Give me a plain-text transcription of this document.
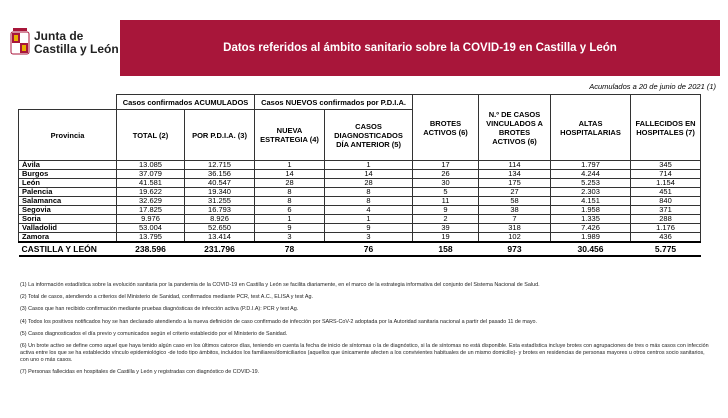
Junta de
Castilla y León	Datos referidos al ámbito sanitario sobre la COVID-19 en Castilla y León
Acumulados a 20 de junio de 2021 (1)
	Casos confirmados ACUMULADOS		Casos NUEVOS confirmados por P.D.I.A.		BROTES ACTIVOS (6)	N.º DE CASOS VINCULADOS A BROTES ACTIVOS (6)	ALTAS HOSPITALARIAS	FALLECIDOS EN HOSPITALES (7)
Provincia	TOTAL (2)	POR P.D.I.A. (3)	NUEVA ESTRATEGIA (4)	CASOS DIAGNOSTICADOS DÍA ANTERIOR (5)				
Ávila	13.085	12.715	1	1	17	114	1.797	345
Burgos	37.079	36.156	14	14	26	134	4.244	714
León	41.581	40.547	28	28	30	175	5.253	1.154
Palencia	19.622	19.340	8	8	5	27	2.303	451
Salamanca	32.629	31.255	8	8	11	58	4.151	840
Segovia	17.825	16.793	6	4	9	38	1.958	371
Soria	9.976	8.926	1	1	2	7	1.335	288
Valladolid	53.004	52.650	9	9	39	318	7.426	1.176
Zamora	13.795	13.414	3	3	19	102	1.989	436
CASTILLA Y LEÓN	238.596	231.796	78	76	158	973	30.456	5.775

(1) La información estadística sobre la evolución sanitaria por la pandemia de la COVID-19 en Castilla y León se facilita diariamente, en el marco de la estrategia informativa del conjunto del Sistema Nacional de Salud.

(2) Total de casos, atendiendo a criterios del Ministerio de Sanidad, confirmados mediante PCR, test A.C., ELISA y test Ag.

(3) Casos que han recibido confirmación mediante pruebas diagnósticas de infección activa (P.D.I.A): PCR y test Ag.

(4) Todos los positivos notificados hoy se han declarado atendiendo a la nueva definición de caso confirmado de infección por SARS-CoV-2 adoptada por la Autoridad sanitaria nacional a partir del pasado 11 de mayo.

(5) Casos diagnosticados el día previo y comunicados según el criterio establecido por el Ministerio de Sanidad.

(6) Un brote activo se define como aquel que haya tenido algún caso en los últimos catorce días, teniendo en cuenta la fecha de inicio de síntomas o la de diagnóstico, si la de síntomas no está disponible. Esta estadística incluye brotes con agrupaciones de tres o más casos con infección activa entre los que se ha establecido vínculo epidemiológico -de todo tipo ámbitos, incluidos los familiares/domiciliarios (aquellos que únicamente afecten a los convivientes habituales de un mismo domicilio)- y brotes en residencias de personas mayores u otros centros socio sanitarios, con uno o más casos.

(7) Personas fallecidas en hospitales de Castilla y León y registradas con diagnóstico de COVID-19.
